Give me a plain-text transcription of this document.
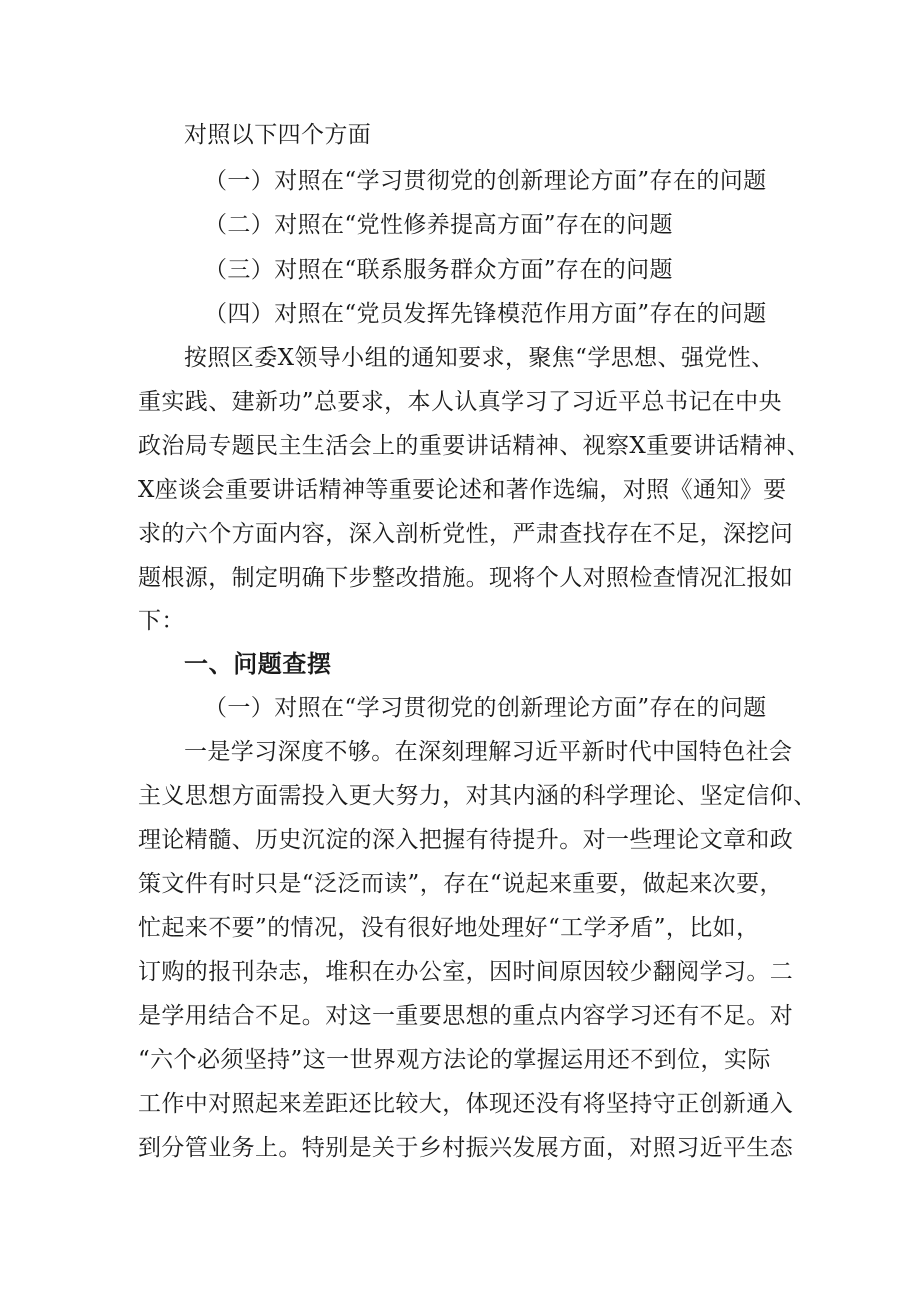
对照以下四个方面
（一）对照在“学习贯彻党的创新理论方面”存在的问题
（二）对照在“党性修养提高方面”存在的问题
（三）对照在“联系服务群众方面”存在的问题
（四）对照在“党员发挥先锋模范作用方面”存在的问题
按照区委X领导小组的通知要求，聚焦“学思想、强党性、
重实践、建新功”总要求，本人认真学习了习近平总书记在中央
政治局专题民主生活会上的重要讲话精神、视察X重要讲话精神、
X座谈会重要讲话精神等重要论述和著作选编，对照《通知》要
求的六个方面内容，深入剖析党性，严肃查找存在不足，深挖问
题根源，制定明确下步整改措施。现将个人对照检查情况汇报如
下：
一、问题查摆
（一）对照在“学习贯彻党的创新理论方面”存在的问题
一是学习深度不够。在深刻理解习近平新时代中国特色社会
主义思想方面需投入更大努力，对其内涵的科学理论、坚定信仰、
理论精髓、历史沉淀的深入把握有待提升。对一些理论文章和政
策文件有时只是“泛泛而读”，存在“说起来重要，做起来次要，
忙起来不要”的情况，没有很好地处理好“工学矛盾”，比如，
订购的报刊杂志，堆积在办公室，因时间原因较少翻阅学习。二
是学用结合不足。对这一重要思想的重点内容学习还有不足。对
“六个必须坚持”这一世界观方法论的掌握运用还不到位，实际
工作中对照起来差距还比较大，体现还没有将坚持守正创新通入
到分管业务上。特别是关于乡村振兴发展方面，对照习近平生态
